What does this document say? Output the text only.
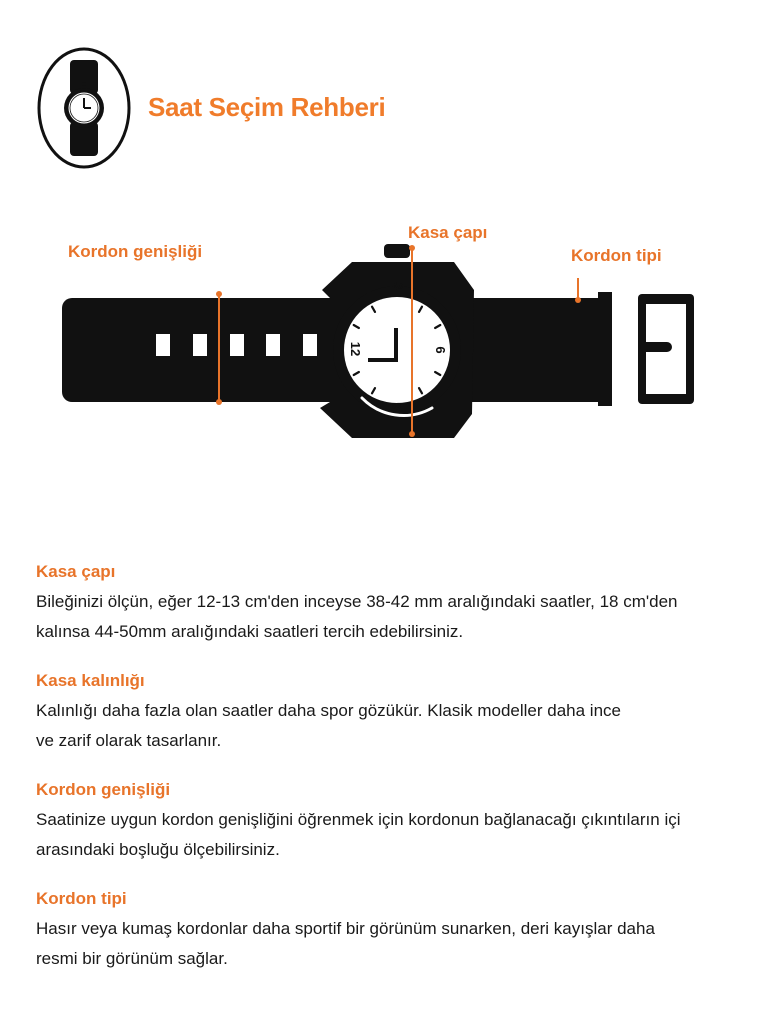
Saat Seçim Rehberi
3
6
9
12
Kordon genişliği
Kasa çapı
Kordon tipi
Kasa çapı

Bileğinizi ölçün, eğer 12-13 cm'den inceyse 38-42 mm aralığındaki saatler, 18 cm'den
kalınsa 44-50mm aralığındaki saatleri tercih edebilirsiniz.

Kasa kalınlığı

Kalınlığı daha fazla olan saatler daha spor gözükür. Klasik modeller daha ince
ve zarif olarak tasarlanır.

Kordon genişliği

Saatinize uygun kordon genişliğini öğrenmek için kordonun bağlanacağı çıkıntıların içi
arasındaki boşluğu ölçebilirsiniz.

Kordon tipi

Hasır veya kumaş kordonlar daha sportif bir görünüm sunarken, deri kayışlar daha
resmi bir görünüm sağlar.
